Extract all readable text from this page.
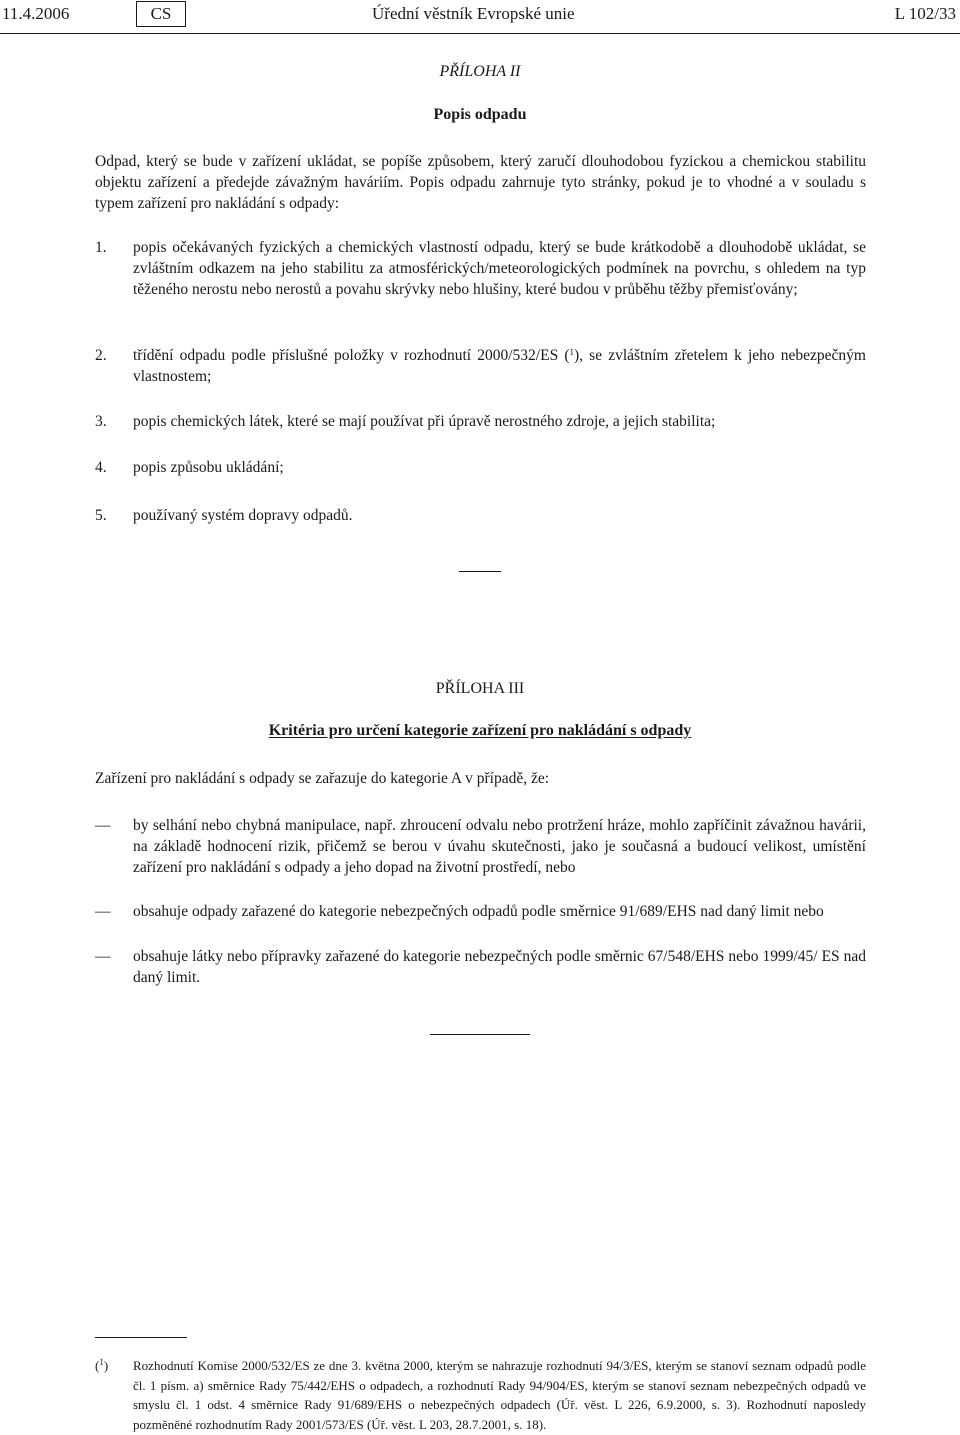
11.4.2006	CS	Úřední věstník Evropské unie	L 102/33
PŘÍLOHA II
Popis odpadu
Odpad, který se bude v zařízení ukládat, se popíše způsobem, který zaručí dlouhodobou fyzickou a chemickou stabilitu objektu zařízení a předejde závažným haváriím. Popis odpadu zahrnuje tyto stránky, pokud je to vhodné a v souladu s typem zařízení pro nakládání s odpady:
1. popis očekávaných fyzických a chemických vlastností odpadu, který se bude krátkodobě a dlouhodobě ukládat, se zvláštním odkazem na jeho stabilitu za atmosférických/meteorologických podmínek na povrchu, s ohledem na typ těženého nerostu nebo nerostů a povahu skrývky nebo hlušiny, které budou v průběhu těžby přemisťovány;
2. třídění odpadu podle příslušné položky v rozhodnutí 2000/532/ES ($^1$), se zvláštním zřetelem k jeho nebezpečným vlastnostem;
3. popis chemických látek, které se mají používat při úpravě nerostného zdroje, a jejich stabilita;
4. popis způsobu ukládání;
5. používaný systém dopravy odpadů.
PŘÍLOHA III
Kritéria pro určení kategorie zařízení pro nakládání s odpady
Zařízení pro nakládání s odpady se zařazuje do kategorie A v případě, že:
— by selhání nebo chybná manipulace, např. zhroucení odvalu nebo protržení hráze, mohlo zapříčinit závažnou havárii, na základě hodnocení rizik, přičemž se berou v úvahu skutečnosti, jako je současná a budoucí velikost, umístění zařízení pro nakládání s odpady a jeho dopad na životní prostředí, nebo
— obsahuje odpady zařazené do kategorie nebezpečných odpadů podle směrnice 91/689/EHS nad daný limit nebo
— obsahuje látky nebo přípravky zařazené do kategorie nebezpečných podle směrnic 67/548/EHS nebo 1999/45/ ES nad daný limit.
($^1$) Rozhodnutí Komise 2000/532/ES ze dne 3. května 2000, kterým se nahrazuje rozhodnutí 94/3/ES, kterým se stanoví seznam odpadů podle čl. 1 písm. a) směrnice Rady 75/442/EHS o odpadech, a rozhodnutí Rady 94/904/ES, kterým se stanoví seznam nebezpečných odpadů ve smyslu čl. 1 odst. 4 směrnice Rady 91/689/EHS o nebezpečných odpadech (Úř. věst. L 226, 6.9.2000, s. 3). Rozhodnutí naposledy pozměněné rozhodnutím Rady 2001/573/ES (Úř. věst. L 203, 28.7.2001, s. 18).
